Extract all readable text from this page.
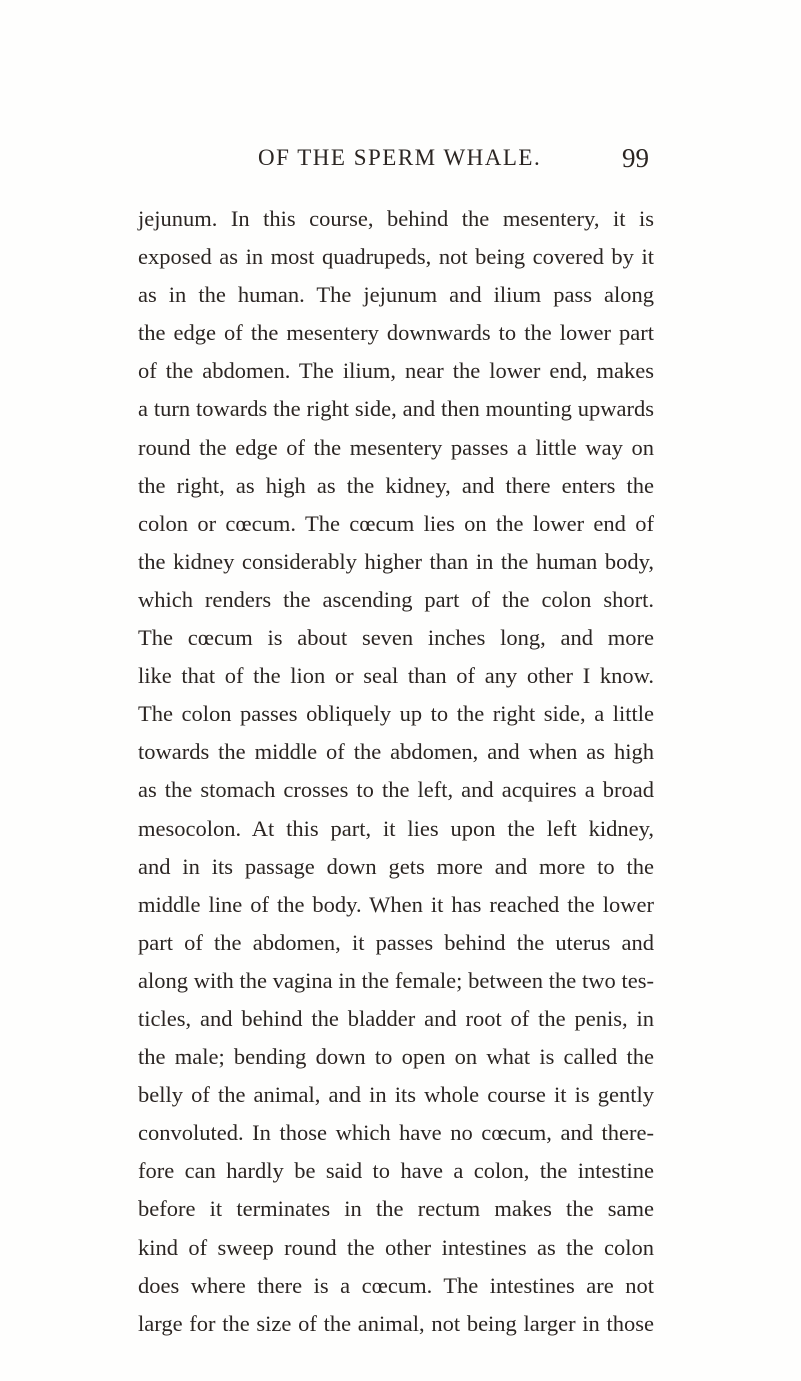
OF THE SPERM WHALE.	99
jejunum. In this course, behind the mesentery, it is
exposed as in most quadrupeds, not being covered by it
as in the human. The jejunum and ilium pass along
the edge of the mesentery downwards to the lower part
of the abdomen. The ilium, near the lower end, makes
a turn towards the right side, and then mounting upwards
round the edge of the mesentery passes a little way on
the right, as high as the kidney, and there enters the
colon or cœcum. The cœcum lies on the lower end of
the kidney considerably higher than in the human body,
which renders the ascending part of the colon short.
The cœcum is about seven inches long, and more
like that of the lion or seal than of any other I know.
The colon passes obliquely up to the right side, a little
towards the middle of the abdomen, and when as high
as the stomach crosses to the left, and acquires a broad
mesocolon. At this part, it lies upon the left kidney,
and in its passage down gets more and more to the
middle line of the body. When it has reached the lower
part of the abdomen, it passes behind the uterus and
along with the vagina in the female; between the two tes-
ticles, and behind the bladder and root of the penis, in
the male; bending down to open on what is called the
belly of the animal, and in its whole course it is gently
convoluted. In those which have no cœcum, and there-
fore can hardly be said to have a colon, the intestine
before it terminates in the rectum makes the same
kind of sweep round the other intestines as the colon
does where there is a cœcum. The intestines are not
large for the size of the animal, not being larger in those
